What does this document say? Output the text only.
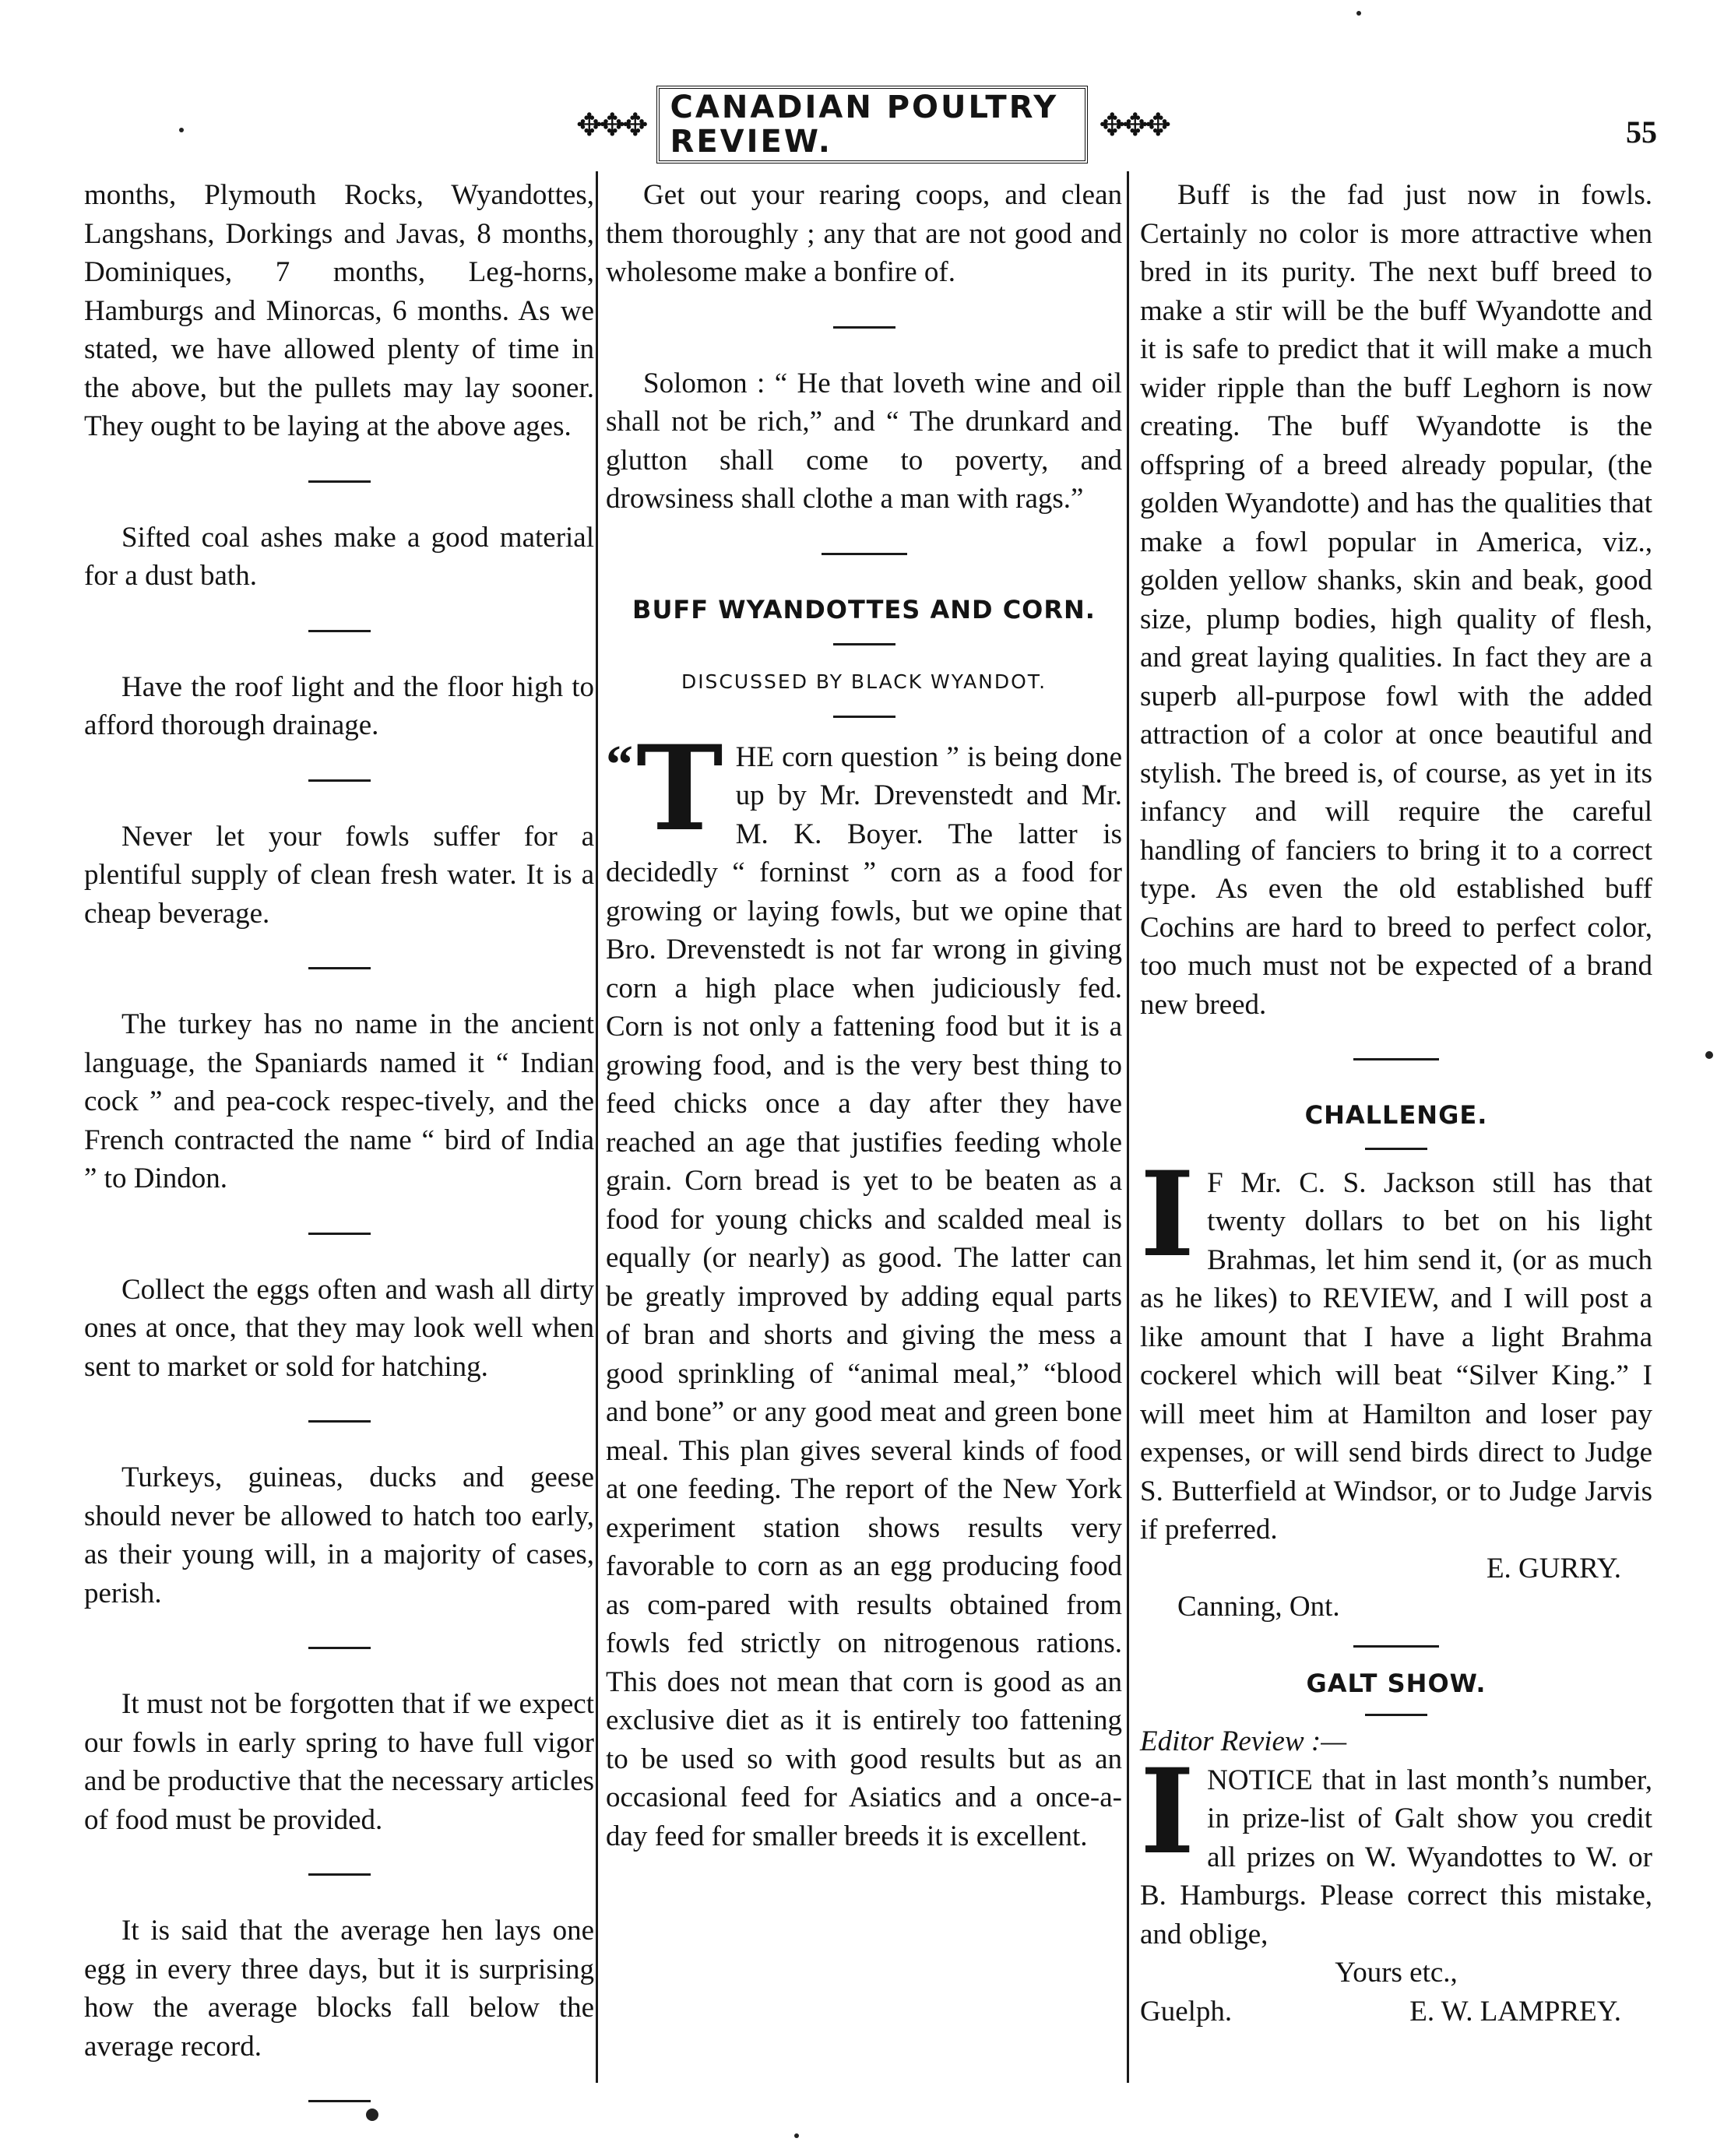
✥✥✥ CANADIAN POULTRY REVIEW.	✥✥✥	55

months, Plymouth Rocks, Wyandottes, Langshans, Dorkings and Javas, 8 months, Dominiques, 7 months, Leg-horns, Hamburgs and Minorcas, 6 months. As we stated, we have allowed plenty of time in the above, but the pullets may lay sooner. They ought to be laying at the above ages.

Sifted coal ashes make a good material for a dust bath.

Have the roof light and the floor high to afford thorough drainage.

Never let your fowls suffer for a plentiful supply of clean fresh water. It is a cheap beverage.

The turkey has no name in the ancient language, the Spaniards named it “ Indian cock ” and pea-cock respec-tively, and the French contracted the name “ bird of India ” to Dindon.

Collect the eggs often and wash all dirty ones at once, that they may look well when sent to market or sold for hatching.

Turkeys, guineas, ducks and geese should never be allowed to hatch too early, as their young will, in a majority of cases, perish.

It must not be forgotten that if we expect our fowls in early spring to have full vigor and be productive that the necessary articles of food must be provided.

It is said that the average hen lays one egg in every three days, but it is surprising how the average blocks fall below the average record.

Get out your rearing coops, and clean them thoroughly ; any that are not good and wholesome make a bonfire of.

Solomon : “ He that loveth wine and oil shall not be rich,” and “ The drunkard and glutton shall come to poverty, and drowsiness shall clothe a man with rags.”

BUFF WYANDOTTES AND CORN.
DISCUSSED BY BLACK WYANDOT.

“ T HE corn question ” is being done up by Mr. Drevenstedt and Mr. M. K. Boyer. The latter is decidedly “ forninst ” corn as a food for growing or laying fowls, but we opine that Bro. Drevenstedt is not far wrong in giving corn a high place when judiciously fed. Corn is not only a fattening food but it is a growing food, and is the very best thing to feed chicks once a day after they have reached an age that justifies feeding whole grain. Corn bread is yet to be beaten as a food for young chicks and scalded meal is equally (or nearly) as good. The latter can be greatly improved by adding equal parts of bran and shorts and giving the mess a good sprinkling of “animal meal,” “blood and bone” or any good meat and green bone meal. This plan gives several kinds of food at one feeding. The report of the New York experiment station shows results very favorable to corn as an egg producing food as com-pared with results obtained from fowls fed strictly on nitrogenous rations. This does not mean that corn is good as an exclusive diet as it is entirely too fattening to be used so with good results but as an occasional feed for Asiatics and a once-a-day feed for smaller breeds it is excellent.

Buff is the fad just now in fowls. Certainly no color is more attractive when bred in its purity. The next buff breed to make a stir will be the buff Wyandotte and it is safe to predict that it will make a much wider ripple than the buff Leghorn is now creating. The buff Wyandotte is the offspring of a breed already popular, (the golden Wyandotte) and has the qualities that make a fowl popular in America, viz., golden yellow shanks, skin and beak, good size, plump bodies, high quality of flesh, and great laying qualities. In fact they are a superb all-purpose fowl with the added attraction of a color at once beautiful and stylish. The breed is, of course, as yet in its infancy and will require the careful handling of fanciers to bring it to a correct type. As even the old established buff Cochins are hard to breed to perfect color, too much must not be expected of a brand new breed.

CHALLENGE.

I F Mr. C. S. Jackson still has that twenty dollars to bet on his light Brahmas, let him send it, (or as much as he likes) to REVIEW, and I will post a like amount that I have a light Brahma cockerel which will beat “Silver King.” I will meet him at Hamilton and loser pay expenses, or will send birds direct to Judge S. Butterfield at Windsor, or to Judge Jarvis if preferred.

E. GURRY.

Canning, Ont.

GALT SHOW.

Editor Review :—

I NOTICE that in last month’s number, in prize-list of Galt show you credit all prizes on W. Wyandottes to W. or B. Hamburgs. Please correct this mistake, and oblige,

Yours etc.,

Guelph.	E. W. LAMPREY.
